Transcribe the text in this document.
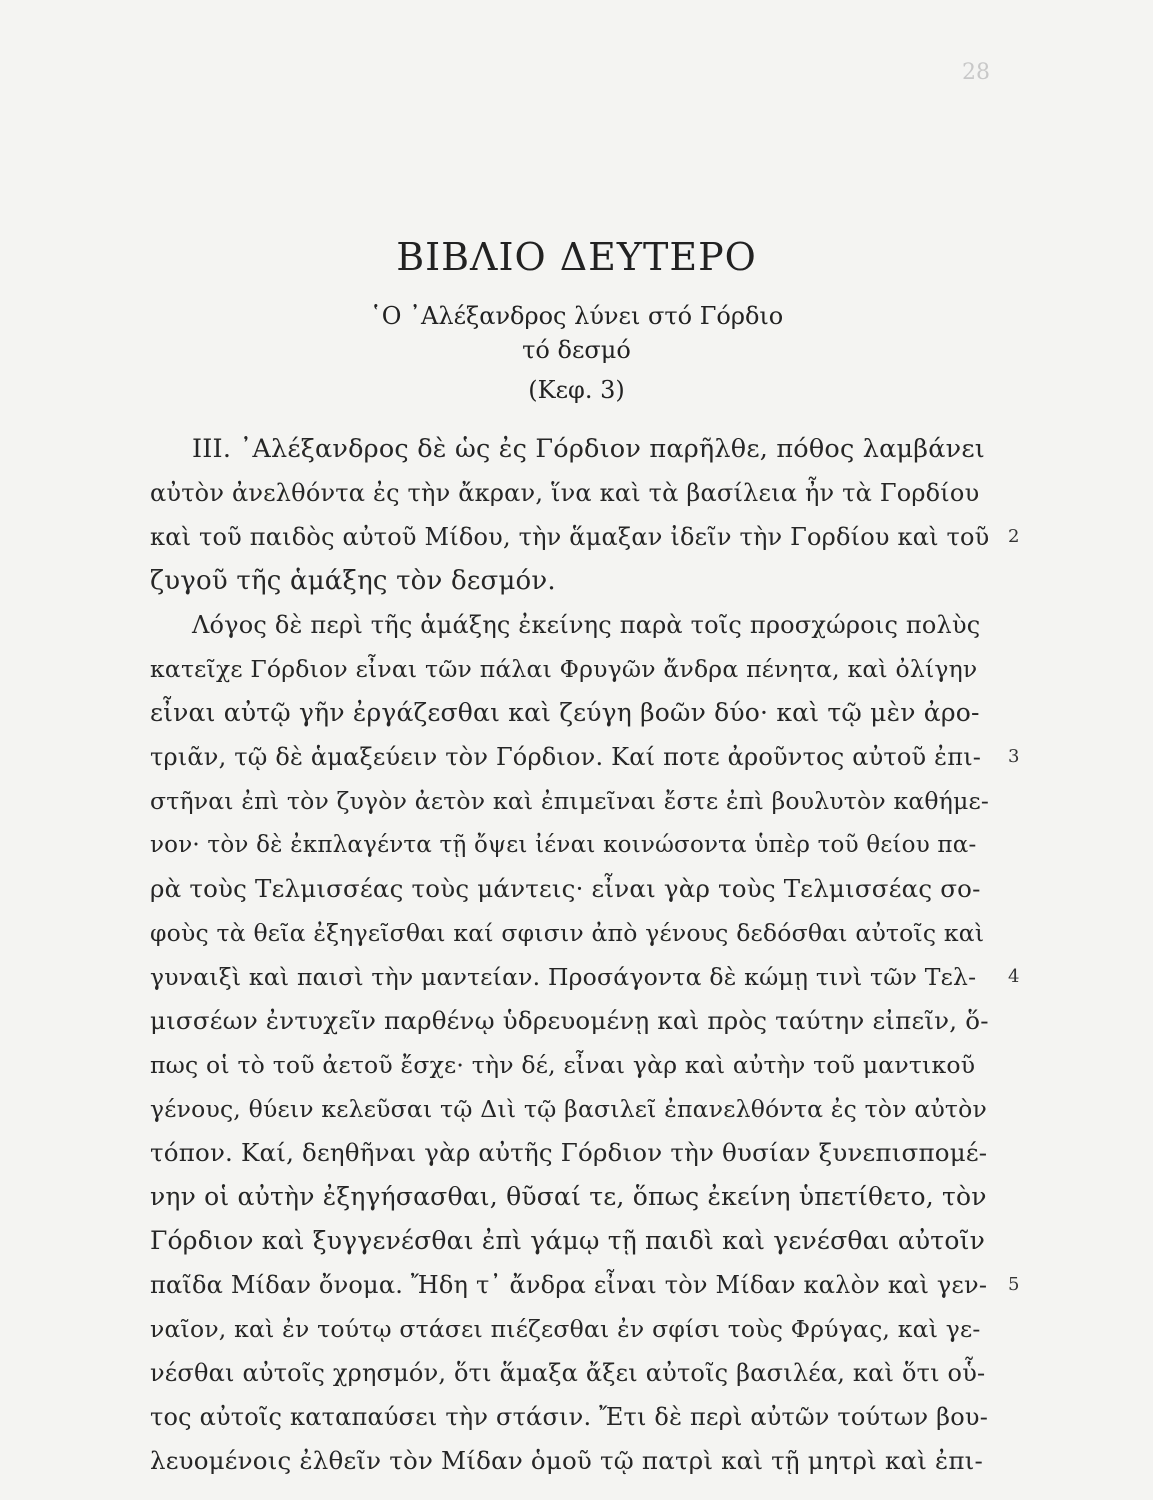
28
ΒΙΒΛΙΟ ΔΕΥΤΕΡΟ
῾Ο ᾿Αλέξανδρος λύνει στό Γόρδιο
τό δεσμό
(Κεφ. 3)
ΙΙΙ. ᾿Αλέξανδρος δὲ ὡς ἐς Γόρδιον παρῆλθε, πόθος λαμβάνει
αὐτὸν ἀνελθόντα ἐς τὴν ἄκραν, ἵνα καὶ τὰ βασίλεια ἦν τὰ Γορδίου
καὶ τοῦ παιδὸς αὐτοῦ Μίδου, τὴν ἅμαξαν ἰδεῖν τὴν Γορδίου καὶ τοῦ
ζυγοῦ τῆς ἁμάξης τὸν δεσμόν.
Λόγος δὲ περὶ τῆς ἁμάξης ἐκείνης παρὰ τοῖς προσχώροις πολὺς
κατεῖχε Γόρδιον εἶναι τῶν πάλαι Φρυγῶν ἄνδρα πένητα, καὶ ὀλίγην
εἶναι αὐτῷ γῆν ἐργάζεσθαι καὶ ζεύγη βοῶν δύο· καὶ τῷ μὲν ἀρο-
τριᾶν, τῷ δὲ ἁμαξεύειν τὸν Γόρδιον. Καί ποτε ἀροῦντος αὐτοῦ ἐπι-
στῆναι ἐπὶ τὸν ζυγὸν ἀετὸν καὶ ἐπιμεῖναι ἔστε ἐπὶ βουλυτὸν καθήμε-
νον· τὸν δὲ ἐκπλαγέντα τῇ ὄψει ἰέναι κοινώσοντα ὑπὲρ τοῦ θείου πα-
ρὰ τοὺς Τελμισσέας τοὺς μάντεις· εἶναι γὰρ τοὺς Τελμισσέας σο-
φοὺς τὰ θεῖα ἐξηγεῖσθαι καί σφισιν ἀπὸ γένους δεδόσθαι αὐτοῖς καὶ
γυναιξὶ καὶ παισὶ τὴν μαντείαν. Προσάγοντα δὲ κώμῃ τινὶ τῶν Τελ-
μισσέων ἐντυχεῖν παρθένῳ ὑδρευομένῃ καὶ πρὸς ταύτην εἰπεῖν, ὅ-
πως οἱ τὸ τοῦ ἀετοῦ ἔσχε· τὴν δέ, εἶναι γὰρ καὶ αὐτὴν τοῦ μαντικοῦ
γένους, θύειν κελεῦσαι τῷ Διὶ τῷ βασιλεῖ ἐπανελθόντα ἐς τὸν αὐτὸν
τόπον. Καί, δεηθῆναι γὰρ αὐτῆς Γόρδιον τὴν θυσίαν ξυνεπισπομέ-
νην οἱ αὐτὴν ἐξηγήσασθαι, θῦσαί τε, ὅπως ἐκείνη ὑπετίθετο, τὸν
Γόρδιον καὶ ξυγγενέσθαι ἐπὶ γάμῳ τῇ παιδὶ καὶ γενέσθαι αὐτοῖν
παῖδα Μίδαν ὄνομα. Ἤδη τ᾿ ἄνδρα εἶναι τὸν Μίδαν καλὸν καὶ γεν-
ναῖον, καὶ ἐν τούτῳ στάσει πιέζεσθαι ἐν σφίσι τοὺς Φρύγας, καὶ γε-
νέσθαι αὐτοῖς χρησμόν, ὅτι ἅμαξα ἄξει αὐτοῖς βασιλέα, καὶ ὅτι οὗ-
τος αὐτοῖς καταπαύσει τὴν στάσιν. Ἔτι δὲ περὶ αὐτῶν τούτων βου-
λευομένοις ἐλθεῖν τὸν Μίδαν ὁμοῦ τῷ πατρὶ καὶ τῇ μητρὶ καὶ ἐπι-
2
3
4
5
